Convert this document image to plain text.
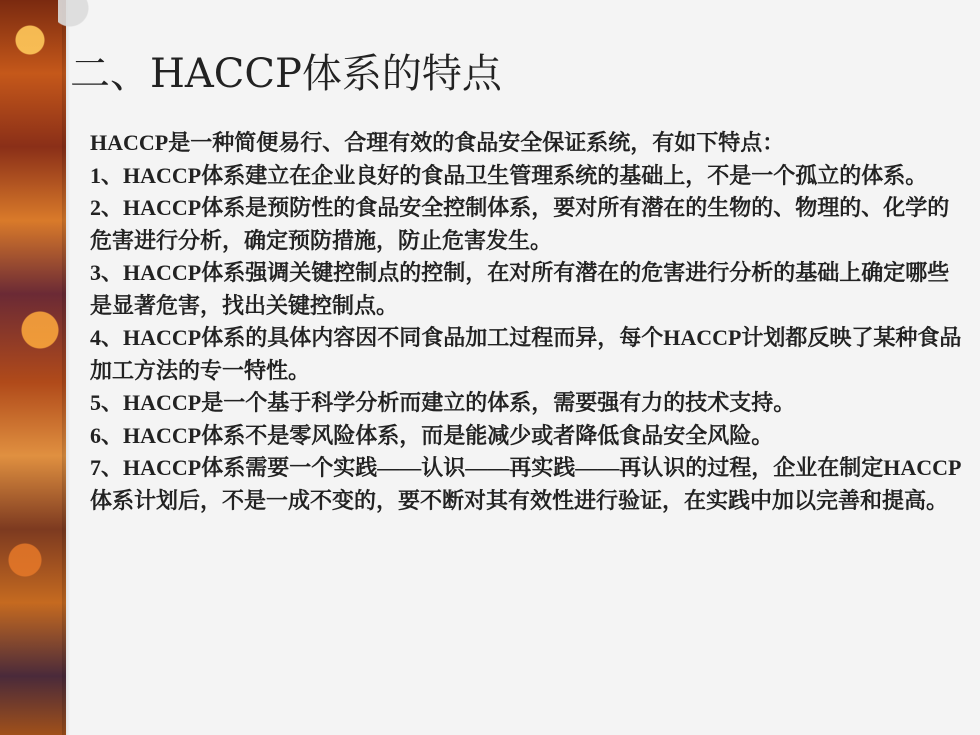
二、HACCP体系的特点

HACCP是一种简便易行、合理有效的食品安全保证系统，有如下特点：

1、HACCP体系建立在企业良好的食品卫生管理系统的基础上，不是一个孤立的体系。

2、HACCP体系是预防性的食品安全控制体系，要对所有潜在的生物的、物理的、化学的危害进行分析，确定预防措施，防止危害发生。

3、HACCP体系强调关键控制点的控制，在对所有潜在的危害进行分析的基础上确定哪些是显著危害，找出关键控制点。

4、HACCP体系的具体内容因不同食品加工过程而异，每个HACCP计划都反映了某种食品加工方法的专一特性。

5、HACCP是一个基于科学分析而建立的体系，需要强有力的技术支持。

6、HACCP体系不是零风险体系，而是能减少或者降低食品安全风险。

7、HACCP体系需要一个实践——认识——再实践——再认识的过程，企业在制定HACCP体系计划后，不是一成不变的，要不断对其有效性进行验证，在实践中加以完善和提高。
